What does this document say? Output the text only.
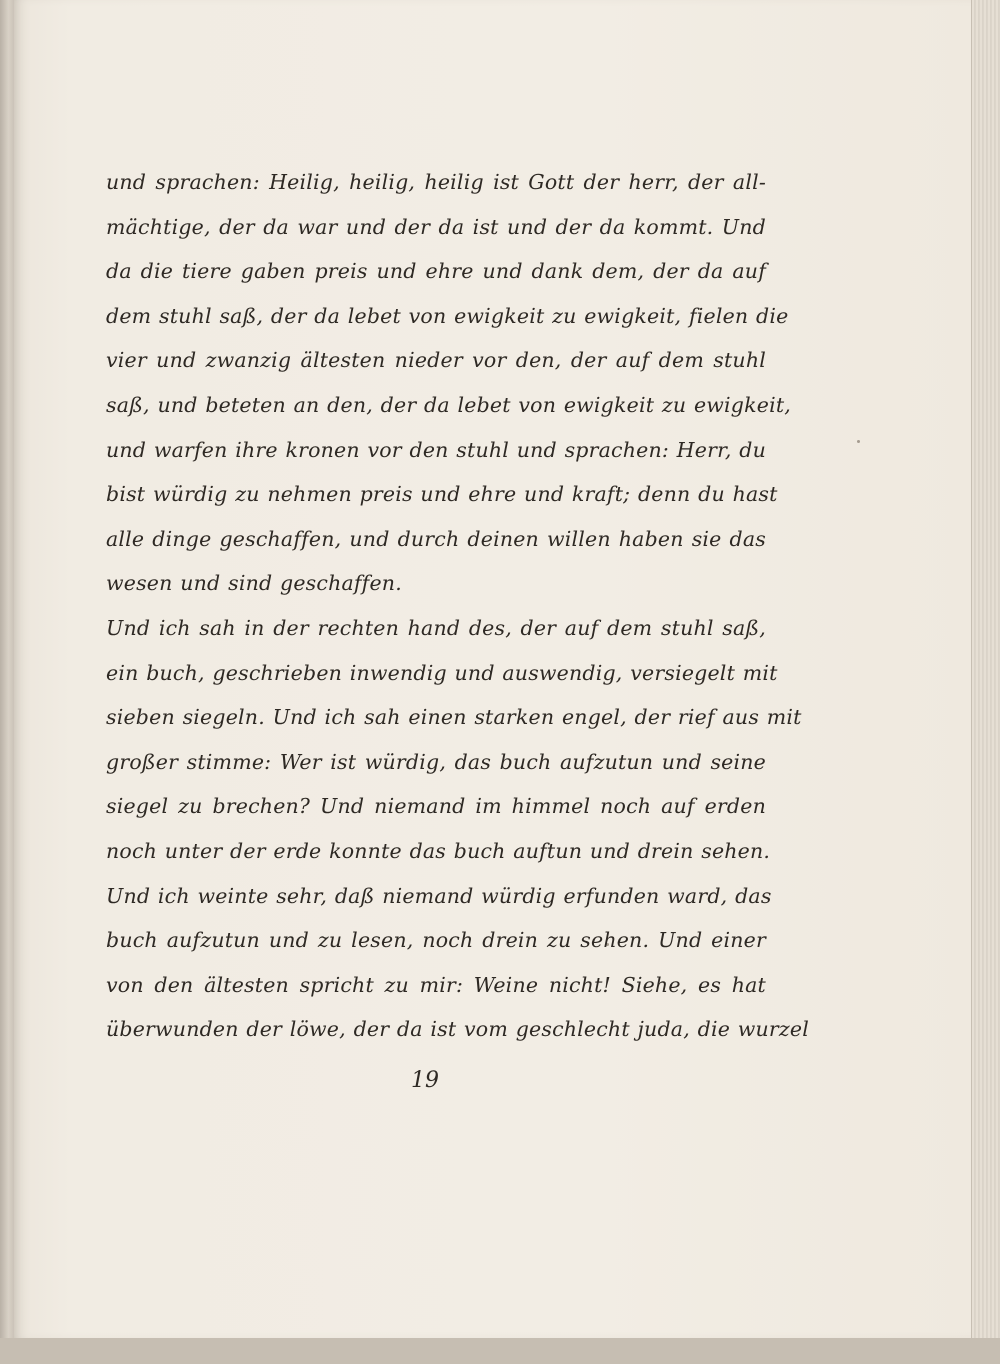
und sprachen: Heilig, heilig, heilig ist Gott der herr, der all-
mächtige, der da war und der da ist und der da kommt. Und
da die tiere gaben preis und ehre und dank dem, der da auf
dem stuhl saß, der da lebet von ewigkeit zu ewigkeit, fielen die
vier und zwanzig ältesten nieder vor den, der auf dem stuhl
saß, und beteten an den, der da lebet von ewigkeit zu ewigkeit,
und warfen ihre kronen vor den stuhl und sprachen: Herr, du
bist würdig zu nehmen preis und ehre und kraft; denn du hast
alle dinge geschaffen, und durch deinen willen haben sie das
wesen und sind geschaffen.
Und ich sah in der rechten hand des, der auf dem stuhl saß,
ein buch, geschrieben inwendig und auswendig, versiegelt mit
sieben siegeln. Und ich sah einen starken engel, der rief aus mit
großer stimme: Wer ist würdig, das buch aufzutun und seine
siegel zu brechen? Und niemand im himmel noch auf erden
noch unter der erde konnte das buch auftun und drein sehen.
Und ich weinte sehr, daß niemand würdig erfunden ward, das
buch aufzutun und zu lesen, noch drein zu sehen. Und einer
von den ältesten spricht zu mir: Weine nicht! Siehe, es hat
überwunden der löwe, der da ist vom geschlecht juda, die wurzel
19
